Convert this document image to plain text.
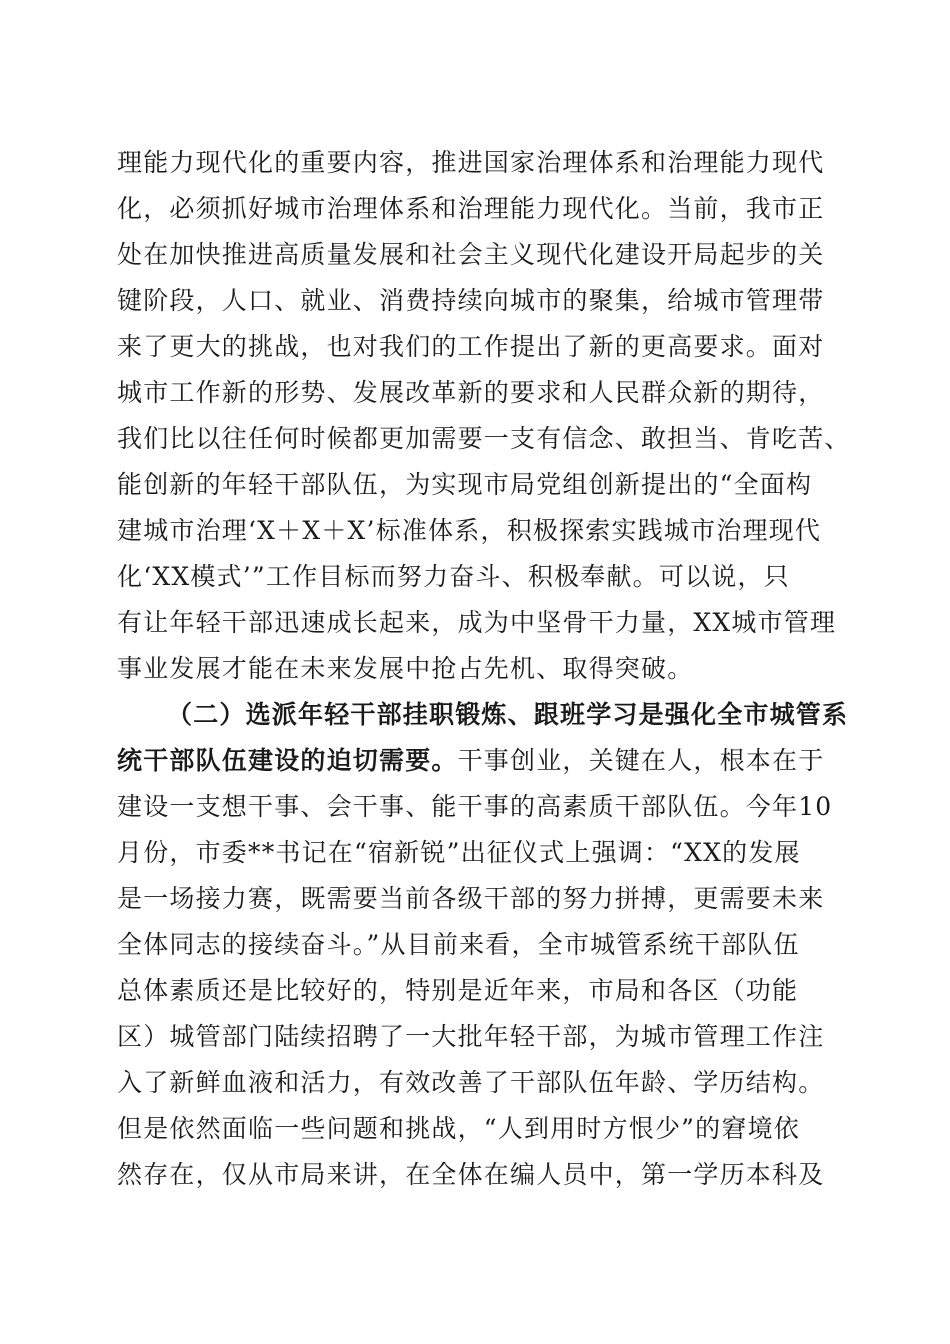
理能力现代化的重要内容，推进国家治理体系和治理能力现代
化，必须抓好城市治理体系和治理能力现代化。当前，我市正
处在加快推进高质量发展和社会主义现代化建设开局起步的关
键阶段，人口、就业、消费持续向城市的聚集，给城市管理带
来了更大的挑战，也对我们的工作提出了新的更高要求。面对
城市工作新的形势、发展改革新的要求和人民群众新的期待，
我们比以往任何时候都更加需要一支有信念、敢担当、肯吃苦、
能创新的年轻干部队伍，为实现市局党组创新提出的“全面构
建城市治理‘X＋X＋X’标准体系，积极探索实践城市治理现代
化‘XX模式’”工作目标而努力奋斗、积极奉献。可以说，只
有让年轻干部迅速成长起来，成为中坚骨干力量，XX城市管理
事业发展才能在未来发展中抢占先机、取得突破。
（二）选派年轻干部挂职锻炼、跟班学习是强化全市城管系
统干部队伍建设的迫切需要。干事创业，关键在人，根本在于
建设一支想干事、会干事、能干事的高素质干部队伍。今年10
月份，市委**书记在“宿新锐”出征仪式上强调：“XX的发展
是一场接力赛，既需要当前各级干部的努力拼搏，更需要未来
全体同志的接续奋斗。”从目前来看，全市城管系统干部队伍
总体素质还是比较好的，特别是近年来，市局和各区（功能
区）城管部门陆续招聘了一大批年轻干部，为城市管理工作注
入了新鲜血液和活力，有效改善了干部队伍年龄、学历结构。
但是依然面临一些问题和挑战，“人到用时方恨少”的窘境依
然存在，仅从市局来讲，在全体在编人员中，第一学历本科及
